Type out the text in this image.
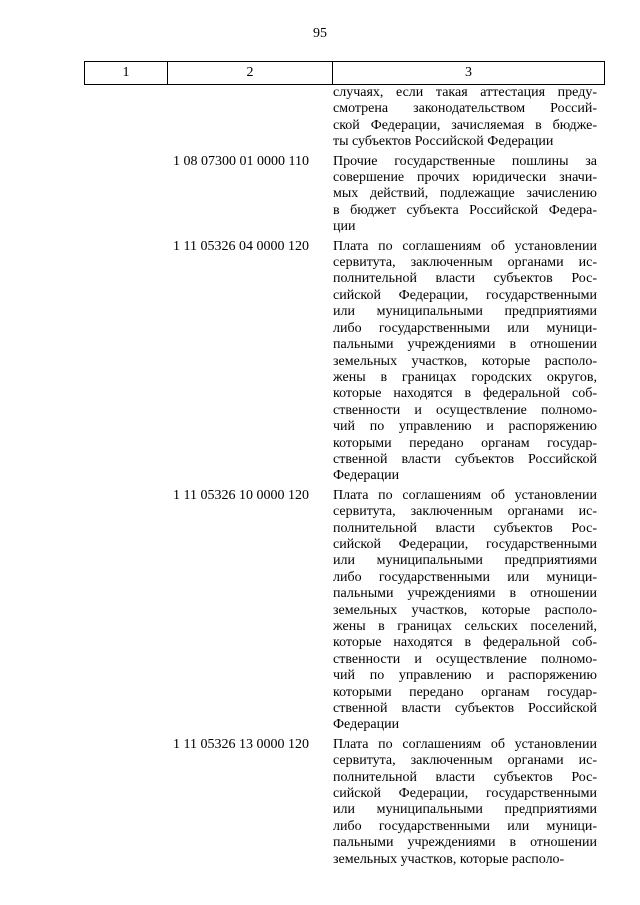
95
1	2	3
случаях, если такая аттестация преду-
смотрена законодательством Россий-
ской Федерации, зачисляемая в бюдже-
ты субъектов Российской Федерации
1 08 07300 01 0000 110	Прочие государственные пошлины за
совершение прочих юридически значи-
мых действий, подлежащие зачислению
в бюджет субъекта Российской Федера-
ции
1 11 05326 04 0000 120	Плата по соглашениям об установлении
сервитута, заключенным органами ис-
полнительной власти субъектов Рос-
сийской Федерации, государственными
или муниципальными предприятиями
либо государственными или муници-
пальными учреждениями в отношении
земельных участков, которые располо-
жены в границах городских округов,
которые находятся в федеральной соб-
ственности и осуществление полномо-
чий по управлению и распоряжению
которыми передано органам государ-
ственной власти субъектов Российской
Федерации
1 11 05326 10 0000 120	Плата по соглашениям об установлении
сервитута, заключенным органами ис-
полнительной власти субъектов Рос-
сийской Федерации, государственными
или муниципальными предприятиями
либо государственными или муници-
пальными учреждениями в отношении
земельных участков, которые располо-
жены в границах сельских поселений,
которые находятся в федеральной соб-
ственности и осуществление полномо-
чий по управлению и распоряжению
которыми передано органам государ-
ственной власти субъектов Российской
Федерации
1 11 05326 13 0000 120	Плата по соглашениям об установлении
сервитута, заключенным органами ис-
полнительной власти субъектов Рос-
сийской Федерации, государственными
или муниципальными предприятиями
либо государственными или муници-
пальными учреждениями в отношении
земельных участков, которые располо-
